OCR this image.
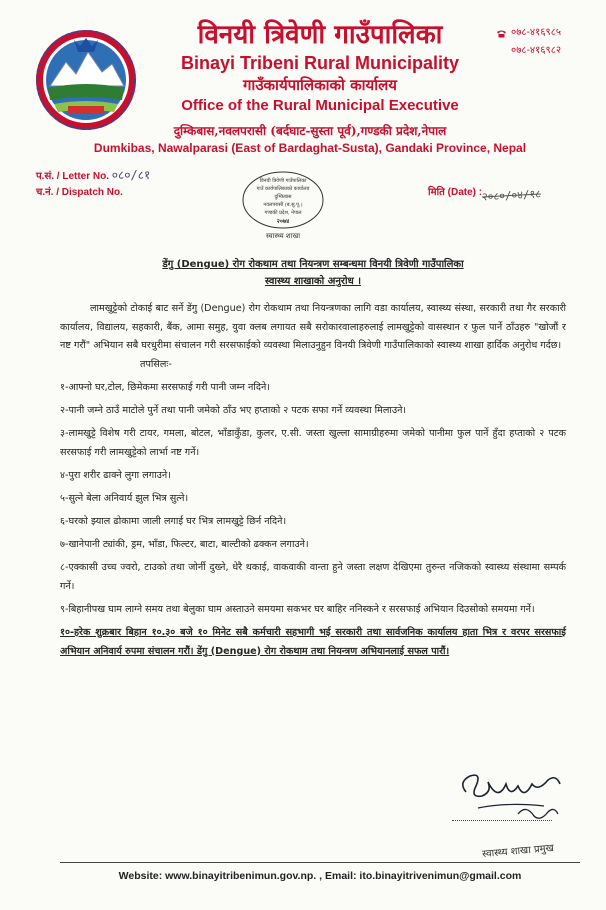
विनयी त्रिवेणी गाउँपालिका
Binayi Tribeni Rural Municipality
गाउँकार्यपालिकाको कार्यालय
Office of the Rural Municipal Executive
०७८-४१६९८५
०७८-४१६९८२
दुम्किबास,नवलपरासी (बर्दघाट-सुस्ता पूर्व),गण्डकी प्रदेश,नेपाल
Dumkibas, Nawalparasi (East of Bardaghat-Susta), Gandaki Province, Nepal
प.सं. / Letter No. ०८०/८१
च.नं. / Dispatch No.	मिति (Date) : २०८०/०४/१८
विनयी त्रिवेणी गाउँपालिका
गाउँ कार्यपालिकाको कार्यालय
दुम्किबास
नवलपरासी (ब.सु.पू.)
गण्डकी प्रदेश, नेपाल
२०७४
स्वास्थ्य शाखा
डेंगु (Dengue) रोग रोकथाम तथा नियन्त्रण सम्बन्धमा विनयी त्रिवेणी गाउँपालिका
स्वास्थ्य शाखाको अनुरोध ।
लामखुट्टेको टोकाई बाट सर्ने डेंगु (Dengue) रोग रोकथाम तथा नियन्त्रणका लागि वडा कार्यालय, स्वास्थ्य संस्था, सरकारी तथा गैर सरकारी कार्यालय, विद्यालय, सहकारी, बैंक, आमा समुह, युवा क्लब लगायत सबै सरोकारवालाहरुलाई लामखुट्टेको वासस्थान र फुल पार्ने ठाँउहरु "खोजौं र नष्ट गरौं" अभियान सबै घरधुरीमा संचालन गरी सरसफाईको व्यवस्था मिलाउनुहुन विनयी त्रिवेणी गाउँपालिकाको स्वास्थ्य शाखा हार्दिक अनुरोध गर्दछ।
तपसिलः-
१-आफ्नो घर,टोल, छिमेकमा सरसफाई गरी पानी जम्न नदिने।
२-पानी जम्ने ठाउँ माटोले पुर्ने तथा पानी जमेको ठाँउ भए हप्ताको २ पटक सफा गर्ने व्यवस्था मिलाउने।
३-लामखुट्टे विशेष गरी टायर, गमला, बोटल, भाँडाकुँडा, कुलर, ए.सी. जस्ता खुल्ला सामाग्रीहरुमा जमेको पानीमा फुल पार्ने हुँदा हप्ताको २ पटक सरसफाई गरी लामखुट्टेको लार्भा नष्ट गर्ने।
४-पुरा शरीर ढाक्ने लुगा लगाउने।
५-सुत्ने बेला अनिवार्य झुल भित्र सुत्ने।
६-घरको झ्याल ढोकामा जाली लगाई घर भित्र लामखुट्टे छिर्न नदिने।
७-खानेपानी ट्यांकी, ड्रम, भाँडा, फिल्टर, बाटा, बाल्टीको ढक्कन लगाउने।
८-एक्कासी उच्च ज्वरो, टाउको तथा जोर्नी दुख्ने, धेरै थकाई, वाकवाकी वान्ता हुने जस्ता लक्षण देखिएमा तुरुन्त नजिकको स्वास्थ्य संस्थामा सम्पर्क गर्ने।
९-बिहानीपख घाम लाग्ने समय तथा बेलुका घाम अस्ताउने समयमा सकभर घर बाहिर ननिस्कने र सरसफाई अभियान दिउसोको समयमा गर्ने।
१०-हरेक शुक्रबार बिहान १०.३० बजे १० मिनेट सबै कर्मचारी सहभागी भई सरकारी तथा सार्वजनिक कार्यालय हाता भित्र र वरपर सरसफाई अभियान अनिवार्य रुपमा संचालन गरौं। डेंगु (Dengue) रोग रोकथाम तथा नियन्त्रण अभियानलाई सफल पारौं।
स्वास्थ्य शाखा प्रमुख
Website: www.binayitribenimun.gov.np. , Email: ito.binayitrivenimun@gmail.com
